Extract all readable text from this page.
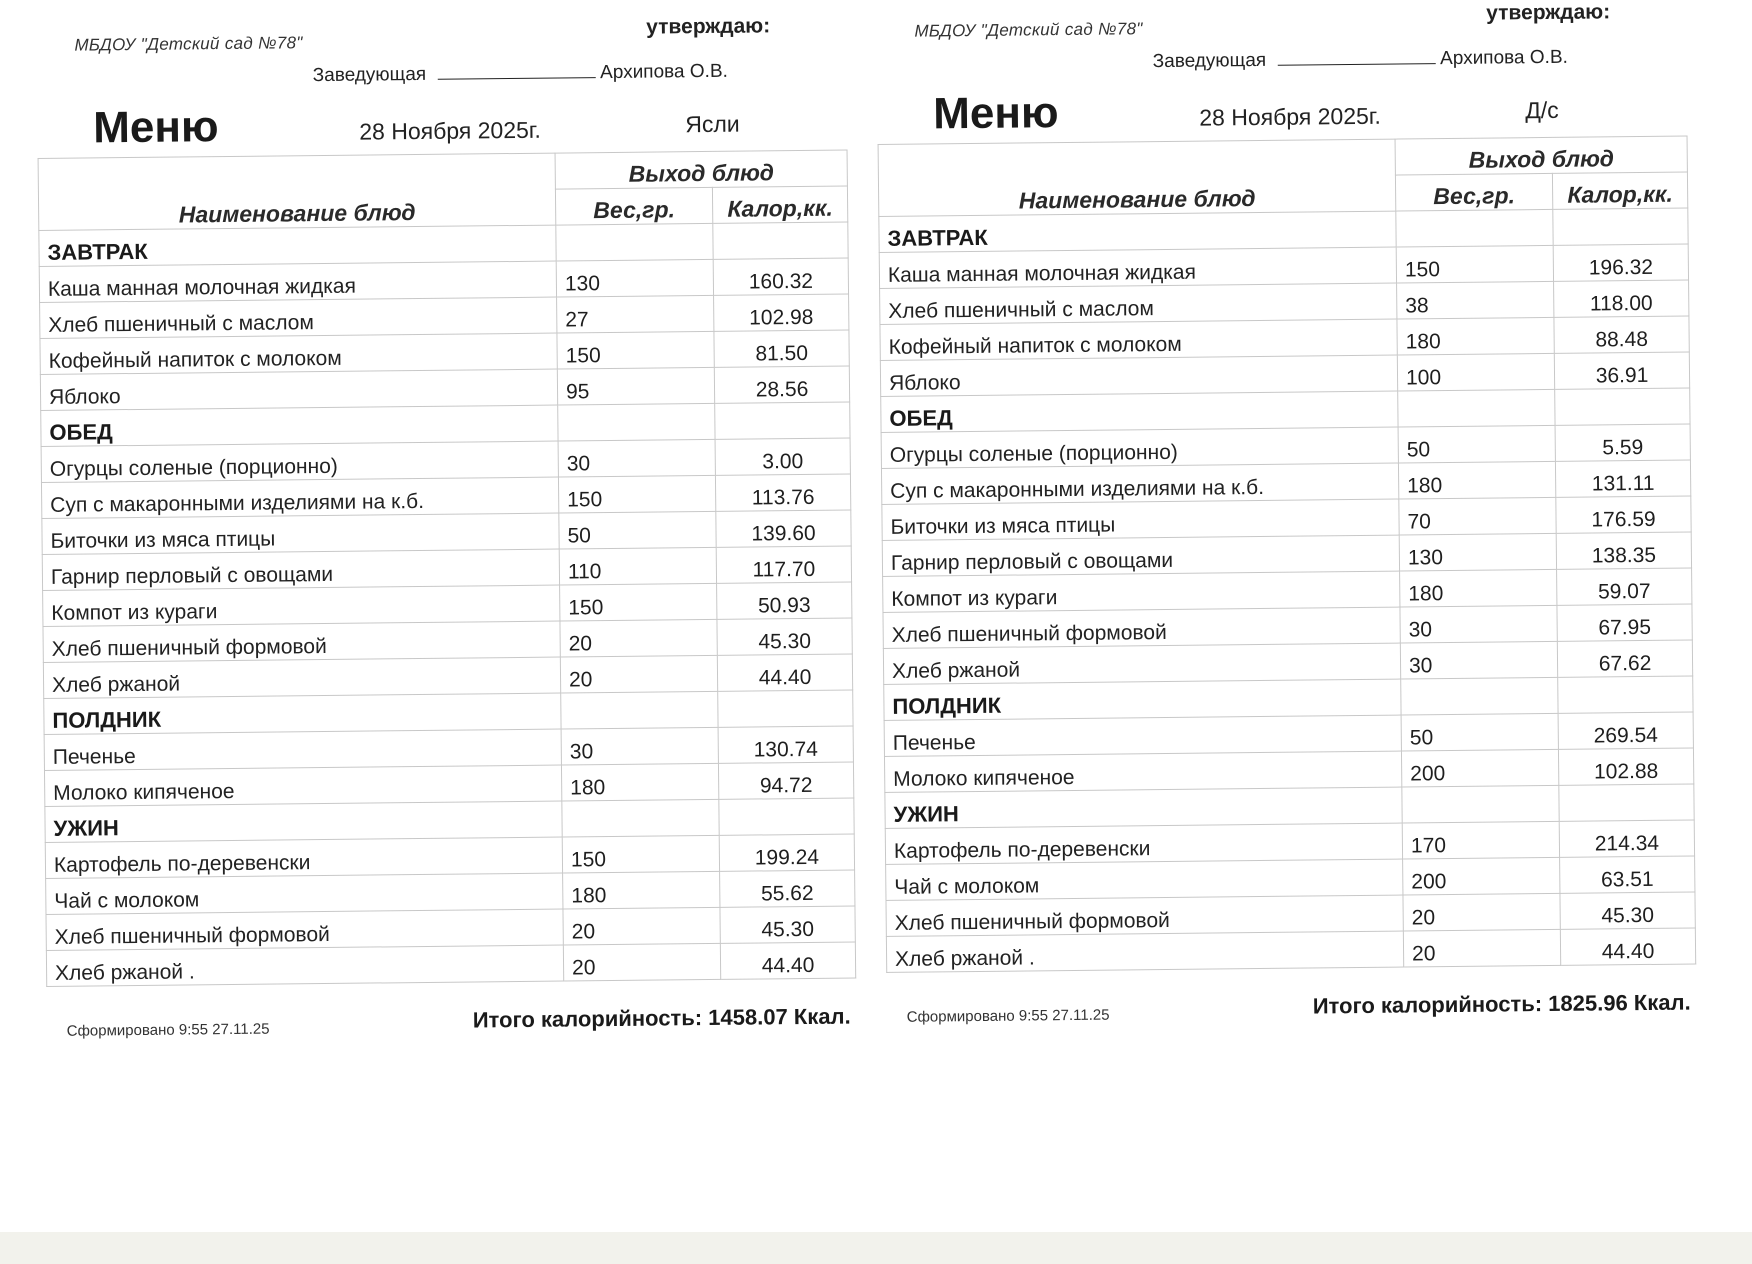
МБДОУ "Детский сад №78"
утверждаю:
Заведующая	Архипова О.В.
Меню	28 Ноября 2025г.	Ясли
Наименование блюд	Выход блюд	
	Вес,гр.	Калор,кк.
ЗАВТРАК		
Каша манная молочная жидкая	130	160.32
Хлеб пшеничный с маслом	27	102.98
Кофейный напиток с молоком	150	81.50
Яблоко	95	28.56
ОБЕД		
Огурцы соленые (порционно)	30	3.00
Суп с макаронными изделиями на к.б.	150	113.76
Биточки из мяса птицы	50	139.60
Гарнир перловый с овощами	110	117.70
Компот из кураги	150	50.93
Хлеб пшеничный формовой	20	45.30
Хлеб ржаной	20	44.40
ПОЛДНИК		
Печенье	30	130.74
Молоко кипяченое	180	94.72
УЖИН		
Картофель по-деревенски	150	199.24
Чай с молоком	180	55.62
Хлеб пшеничный формовой	20	45.30
Хлеб ржаной .	20	44.40
Сформировано 9:55 27.11.25	Итого калорийность: 1458.07 Ккал.
МБДОУ "Детский сад №78"
утверждаю:
Заведующая	Архипова О.В.
Меню	28 Ноября 2025г.	Д/с
Наименование блюд	Выход блюд	
	Вес,гр.	Калор,кк.
ЗАВТРАК		
Каша манная молочная жидкая	150	196.32
Хлеб пшеничный с маслом	38	118.00
Кофейный напиток с молоком	180	88.48
Яблоко	100	36.91
ОБЕД		
Огурцы соленые (порционно)	50	5.59
Суп с макаронными изделиями на к.б.	180	131.11
Биточки из мяса птицы	70	176.59
Гарнир перловый с овощами	130	138.35
Компот из кураги	180	59.07
Хлеб пшеничный формовой	30	67.95
Хлеб ржаной	30	67.62
ПОЛДНИК		
Печенье	50	269.54
Молоко кипяченое	200	102.88
УЖИН		
Картофель по-деревенски	170	214.34
Чай с молоком	200	63.51
Хлеб пшеничный формовой	20	45.30
Хлеб ржаной .	20	44.40
Сформировано 9:55 27.11.25	Итого калорийность: 1825.96 Ккал.
